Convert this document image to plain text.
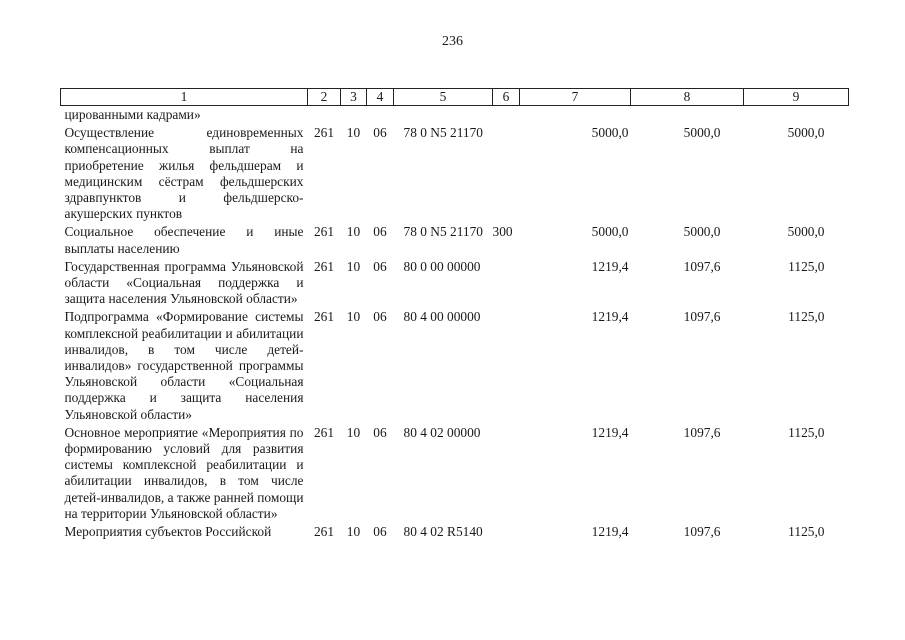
236
1	2	3	4	5	6	7	8	9
цированными кадрами»								
Осуществление единовременных компенсационных выплат на приобретение жилья фельдшерам и медицинским сёстрам фельдшерских здравпунктов и фельдшерско-акушерских пунктов	261	10	06	78 0 N5 21170		5000,0	5000,0	5000,0
Социальное обеспечение и иные выплаты населению	261	10	06	78 0 N5 21170	300	5000,0	5000,0	5000,0
Государственная программа Ульяновской области «Социальная поддержка и защита населения Ульяновской области»	261	10	06	80 0 00 00000		1219,4	1097,6	1125,0
Подпрограмма «Формирование системы комплексной реабилитации и абилитации инвалидов, в том числе детей-инвалидов» государственной программы Ульяновской области «Социальная поддержка и защита населения Ульяновской области»	261	10	06	80 4 00 00000		1219,4	1097,6	1125,0
Основное мероприятие «Мероприятия по формированию условий для развития системы комплексной реабилитации и абилитации инвалидов, в том числе детей-инвалидов, а также ранней помощи на территории Ульяновской области»	261	10	06	80 4 02 00000		1219,4	1097,6	1125,0
Мероприятия субъектов Российской	261	10	06	80 4 02 R5140		1219,4	1097,6	1125,0
